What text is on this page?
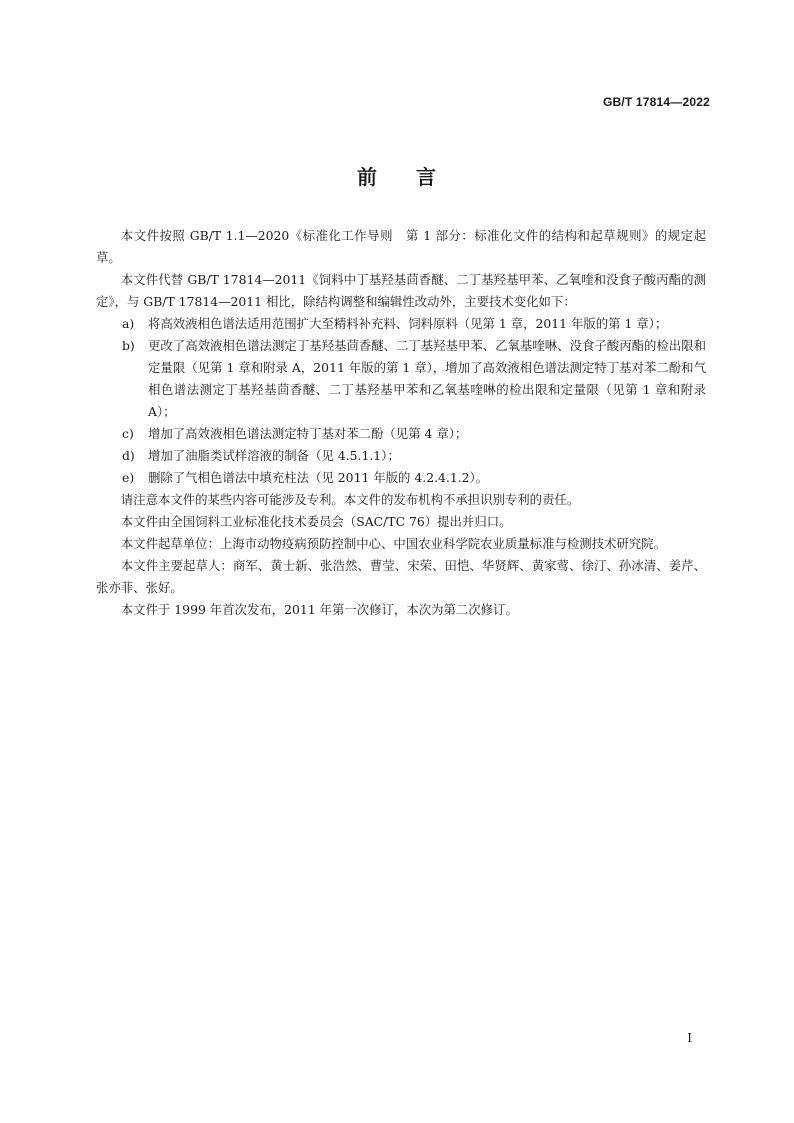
GB/T 17814—2022
前 言

本文件按照 GB/T 1.1—2020《标准化工作导则　第 1 部分：标准化文件的结构和起草规则》的规定起草。

本文件代替 GB/T 17814—2011《饲料中丁基羟基茴香醚、二丁基羟基甲苯、乙氧喹和没食子酸丙酯的测定》，与 GB/T 17814—2011 相比，除结构调整和编辑性改动外，主要技术变化如下：

a)	将高效液相色谱法适用范围扩大至精料补充料、饲料原料（见第 1 章，2011 年版的第 1 章）；
b)	更改了高效液相色谱法测定丁基羟基茴香醚、二丁基羟基甲苯、乙氧基喹啉、没食子酸丙酯的检出限和定量限（见第 1 章和附录 A，2011 年版的第 1 章），增加了高效液相色谱法测定特丁基对苯二酚和气相色谱法测定丁基羟基茴香醚、二丁基羟基甲苯和乙氧基喹啉的检出限和定量限（见第 1 章和附录 A）；
c)	增加了高效液相色谱法测定特丁基对苯二酚（见第 4 章）；
d)	增加了油脂类试样溶液的制备（见 4.5.1.1）；
e)	删除了气相色谱法中填充柱法（见 2011 年版的 4.2.4.1.2）。

请注意本文件的某些内容可能涉及专利。本文件的发布机构不承担识别专利的责任。

本文件由全国饲料工业标准化技术委员会（SAC/TC 76）提出并归口。

本文件起草单位：上海市动物疫病预防控制中心、中国农业科学院农业质量标准与检测技术研究院。

本文件主要起草人：商军、黄士新、张浩然、曹莹、宋荣、田恺、华贤辉、黄家莺、徐汀、孙冰清、姜芹、张亦菲、张好。

本文件于 1999 年首次发布，2011 年第一次修订，本次为第二次修订。

I
